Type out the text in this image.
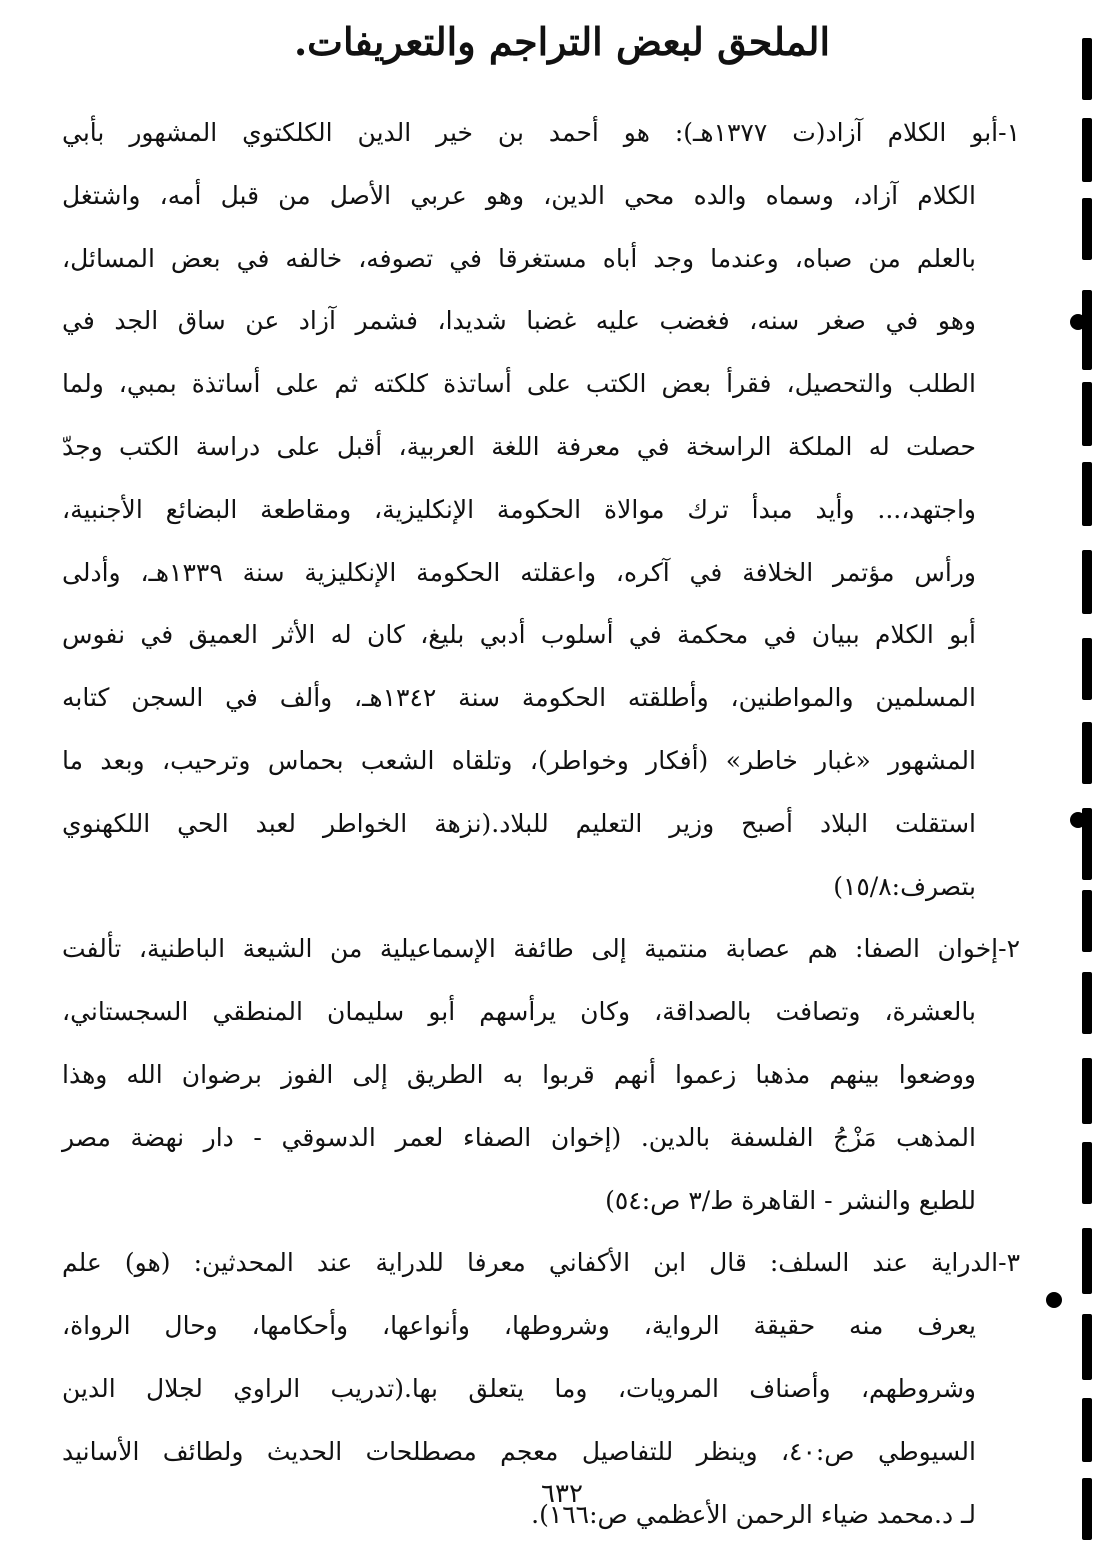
الملحق لبعض التراجم والتعريفات.
١-أبو الكلام آزاد(ت ١٣٧٧هـ): هو أحمد بن خير الدين الكلكتوي المشهور بأبي
الكلام آزاد، وسماه والده محي الدين، وهو عربي الأصل من قبل أمه، واشتغل
بالعلم من صباه، وعندما وجد أباه مستغرقا في تصوفه، خالفه في بعض المسائل،
وهو في صغر سنه، فغضب عليه غضبا شديدا، فشمر آزاد عن ساق الجد في
الطلب والتحصيل، فقرأ بعض الكتب على أساتذة كلكته ثم على أساتذة بمبي، ولما
حصلت له الملكة الراسخة في معرفة اللغة العربية، أقبل على دراسة الكتب وجدّ
واجتهد،... وأيد مبدأ ترك موالاة الحكومة الإنكليزية، ومقاطعة البضائع الأجنبية،
ورأس مؤتمر الخلافة في آكره، واعقلته الحكومة الإنكليزية سنة ١٣٣٩هـ، وأدلى
أبو الكلام ببيان في محكمة في أسلوب أدبي بليغ، كان له الأثر العميق في نفوس
المسلمين والمواطنين، وأطلقته الحكومة سنة ١٣٤٢هـ، وألف في السجن كتابه
المشهور «غبار خاطر» (أفكار وخواطر)، وتلقاه الشعب بحماس وترحيب، وبعد ما
استقلت البلاد أصبح وزير التعليم للبلاد.(نزهة الخواطر لعبد الحي اللكهنوي
بتصرف:١٥/٨)
٢-إخوان الصفا: هم عصابة منتمية إلى طائفة الإسماعيلية من الشيعة الباطنية، تألفت
بالعشرة، وتصافت بالصداقة، وكان يرأسهم أبو سليمان المنطقي السجستاني،
ووضعوا بينهم مذهبا زعموا أنهم قربوا به الطريق إلى الفوز برضوان الله وهذا
المذهب مَزْجُ الفلسفة بالدين. (إخوان الصفاء لعمر الدسوقي - دار نهضة مصر
للطبع والنشر - القاهرة ط/٣ ص:٥٤)
٣-الدراية عند السلف: قال ابن الأكفاني معرفا للدراية عند المحدثين: (هو) علم
يعرف منه حقيقة الرواية، وشروطها، وأنواعها، وأحكامها، وحال الرواة،
وشروطهم، وأصناف المرويات، وما يتعلق بها.(تدريب الراوي لجلال الدين
السيوطي ص:٤٠، وينظر للتفاصيل معجم مصطلحات الحديث ولطائف الأسانيد
لـ د.محمد ضياء الرحمن الأعظمي ص:١٦٦).
٦٣٢
